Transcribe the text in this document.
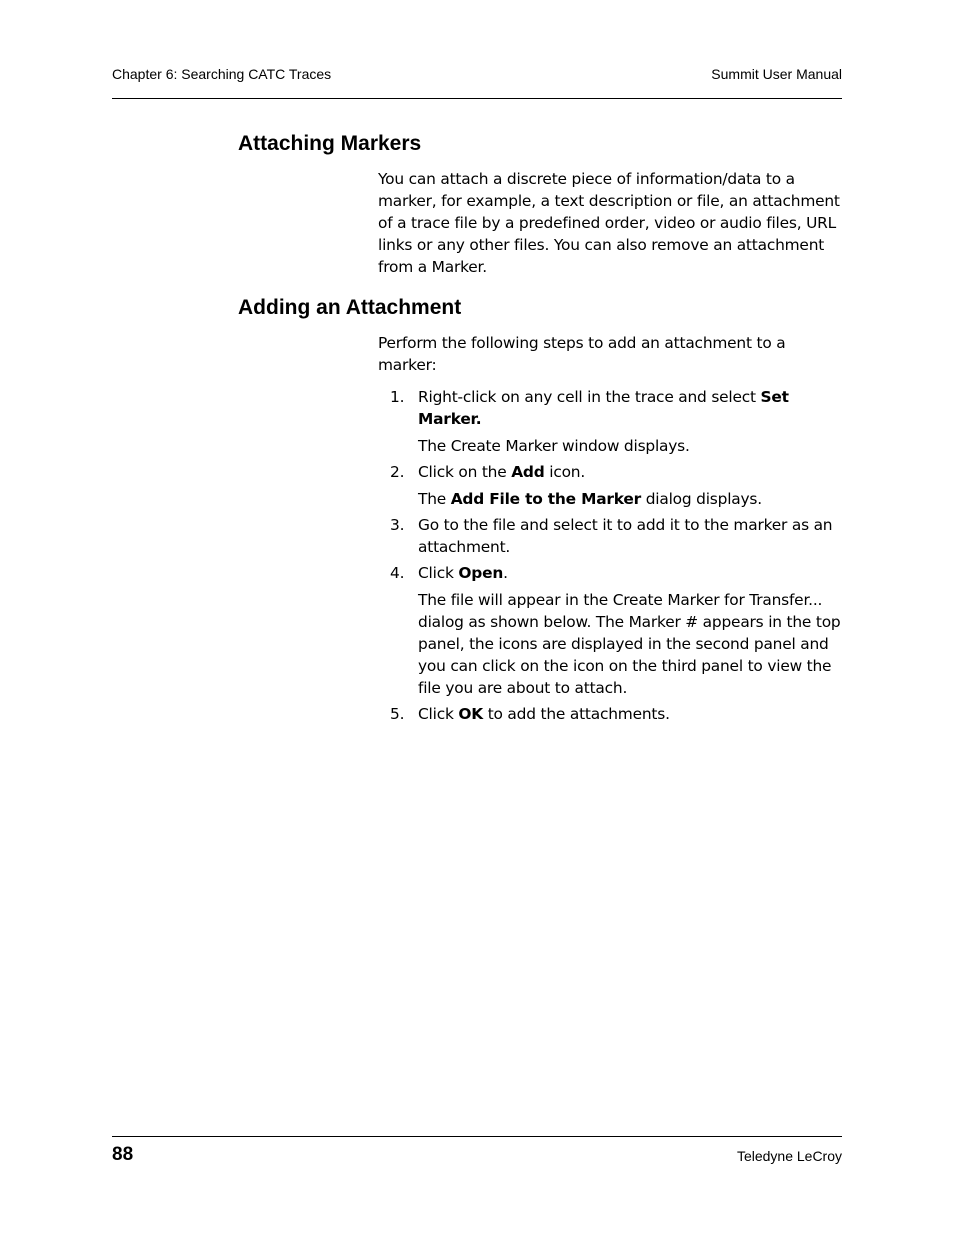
Chapter 6: Searching CATC Traces	Summit User Manual
Attaching Markers

You can attach a discrete piece of information/data to a marker, for example, a text description or file, an attachment of a trace file by a predefined order, video or audio files, URL links or any other files. You can also remove an attachment from a Marker.

Adding an Attachment

Perform the following steps to add an attachment to a marker:

1. Right-click on any cell in the trace and select Set Marker.
The Create Marker window displays.
2. Click on the Add icon.
The Add File to the Marker dialog displays.
3. Go to the file and select it to add it to the marker as an attachment.
4. Click Open.
The file will appear in the Create Marker for Transfer... dialog as shown below. The Marker # appears in the top panel, the icons are displayed in the second panel and you can click on the icon on the third panel to view the file you are about to attach.
5. Click OK to add the attachments.
88	Teledyne LeCroy
